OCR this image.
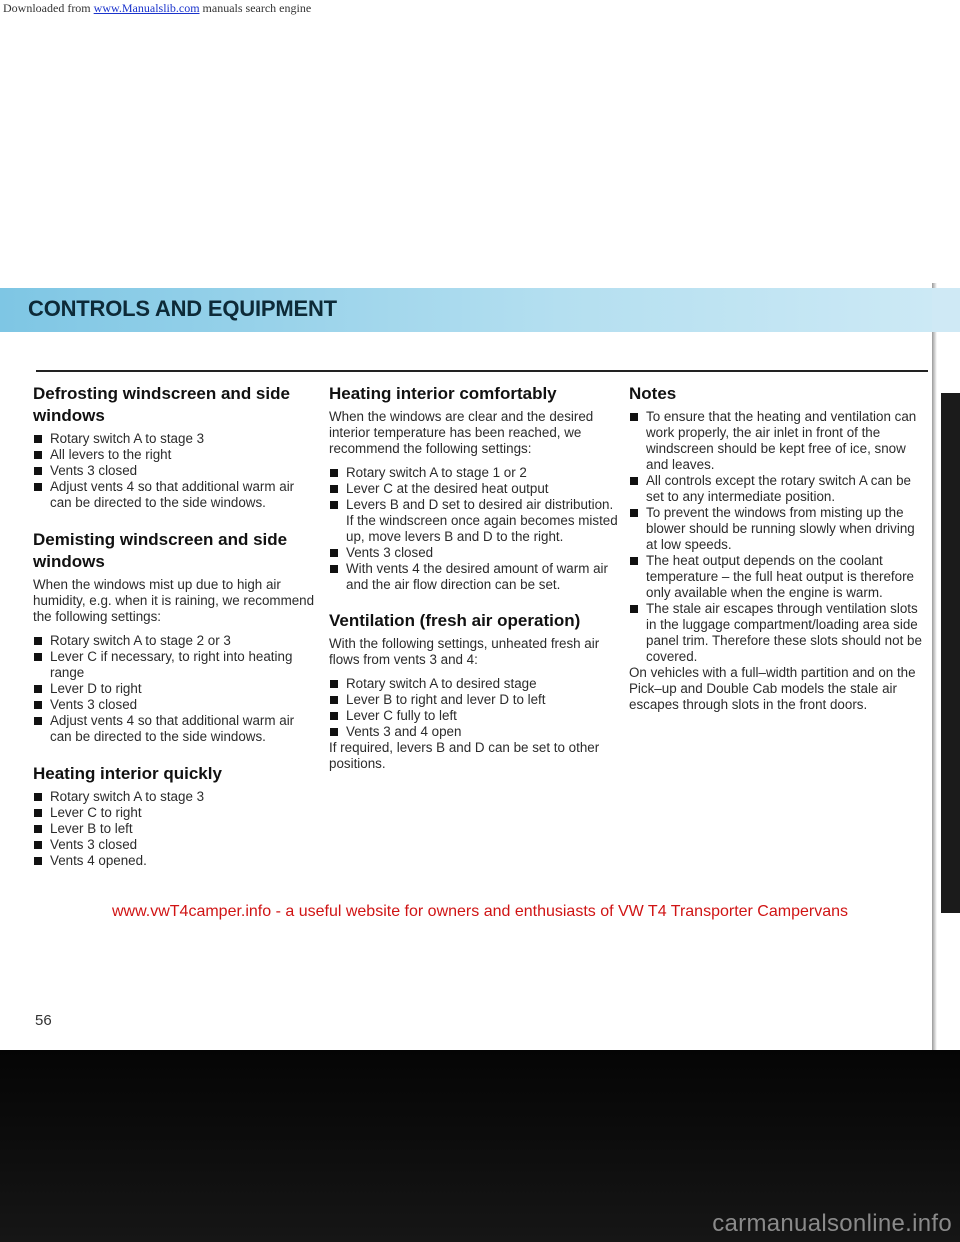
Downloaded from www.Manualslib.com manuals search engine
CONTROLS AND EQUIPMENT
Defrosting windscreen and side windows
Rotary switch A to stage 3
All levers to the right
Vents 3 closed
Adjust vents 4 so that additional warm air can be directed to the side windows.
Demisting windscreen and side windows

When the windows mist up due to high air humidity, e.g. when it is raining, we recommend the following settings:

Rotary switch A to stage 2 or 3
Lever C if necessary, to right into heating range
Lever D to right
Vents 3 closed
Adjust vents 4 so that additional warm air can be directed to the side windows.
Heating interior quickly
Rotary switch A to stage 3
Lever C to right
Lever B to left
Vents 3 closed
Vents 4 opened.
Heating interior comfortably

When the windows are clear and the desired interior temperature has been reached, we recommend the following settings:

Rotary switch A to stage 1 or 2
Lever C at the desired heat output
Levers B and D set to desired air distribution. If the windscreen once again becomes misted up, move levers B and D to the right.
Vents 3 closed
With vents 4 the desired amount of warm air and the air flow direction can be set.
Ventilation (fresh air operation)

With the following settings, unheated fresh air flows from vents 3 and 4:

Rotary switch A to desired stage
Lever B to right and lever D to left
Lever C fully to left
Vents 3 and 4 open

If required, levers B and D can be set to other positions.

Notes
To ensure that the heating and ventilation can work properly, the air inlet in front of the windscreen should be kept free of ice, snow and leaves.
All controls except the rotary switch A can be set to any intermediate position.
To prevent the windows from misting up the blower should be running slowly when driving at low speeds.
The heat output depends on the coolant temperature – the full heat output is therefore only available when the engine is warm.
The stale air escapes through ventilation slots in the luggage compartment/loading area side panel trim. Therefore these slots should not be covered.

On vehicles with a full–width partition and on the Pick–up and Double Cab models the stale air escapes through slots in the front doors.

www.vwT4camper.info - a useful website for owners and enthusiasts of VW T4 Transporter Campervans
56
carmanualsonline.info
